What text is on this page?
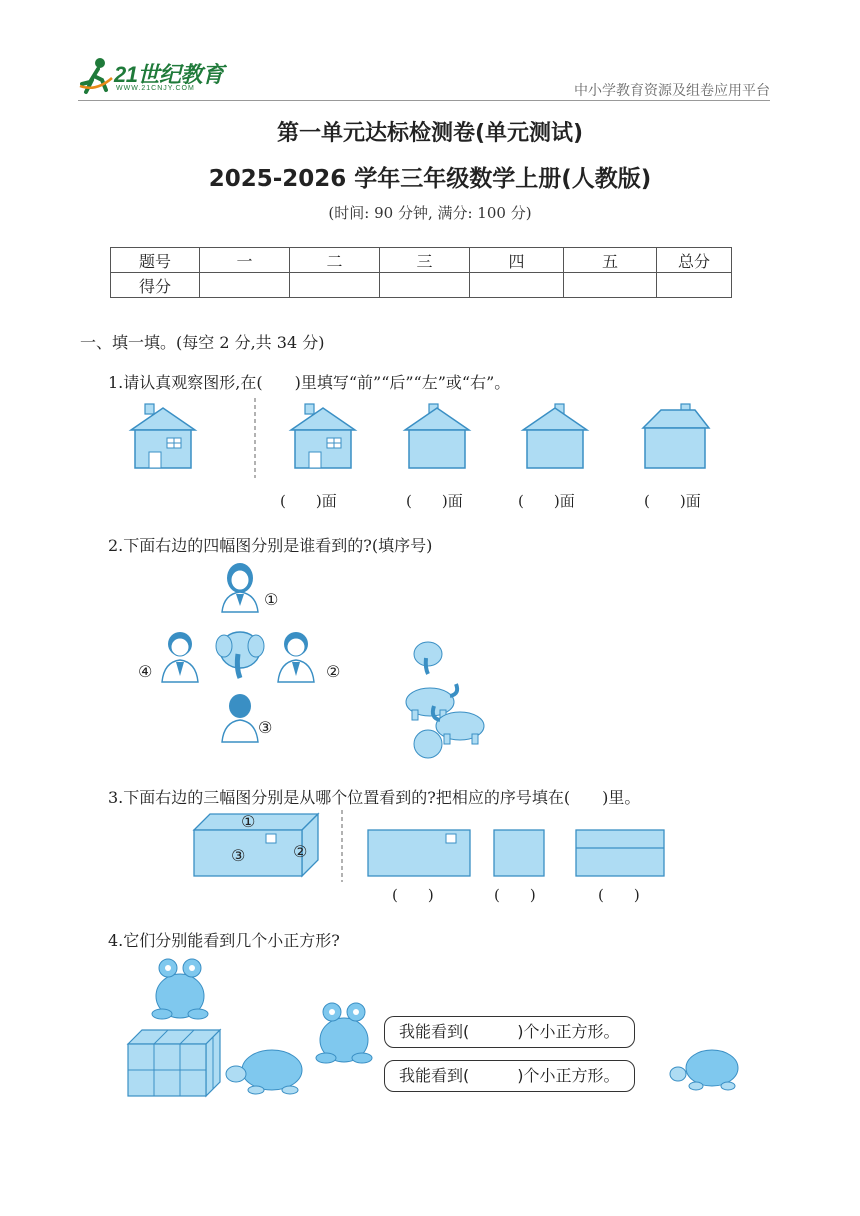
21世纪教育
WWW.21CNJY.COM	中小学教育资源及组卷应用平台
第一单元达标检测卷(单元测试)
2025-2026 学年三年级数学上册(人教版)
(时间: 90 分钟, 满分: 100 分)
题号	一	二	三	四	五	总分
得分						
一、填一填。(每空 2 分,共 34 分)
1.请认真观察图形,在(　　)里填写“前”“后”“左”或“右”。
(　　)面	(　　)面	(　　)面	(　　)面
2.下面右边的四幅图分别是谁看到的?(填序号)
①
②
③
④
3.下面右边的三幅图分别是从哪个位置看到的?把相应的序号填在(　　)里。
①
②
③
(　　)	(　　)	(　　)
4.它们分别能看到几个小正方形?
我能看到(　　　)个小正方形。
我能看到(　　　)个小正方形。
